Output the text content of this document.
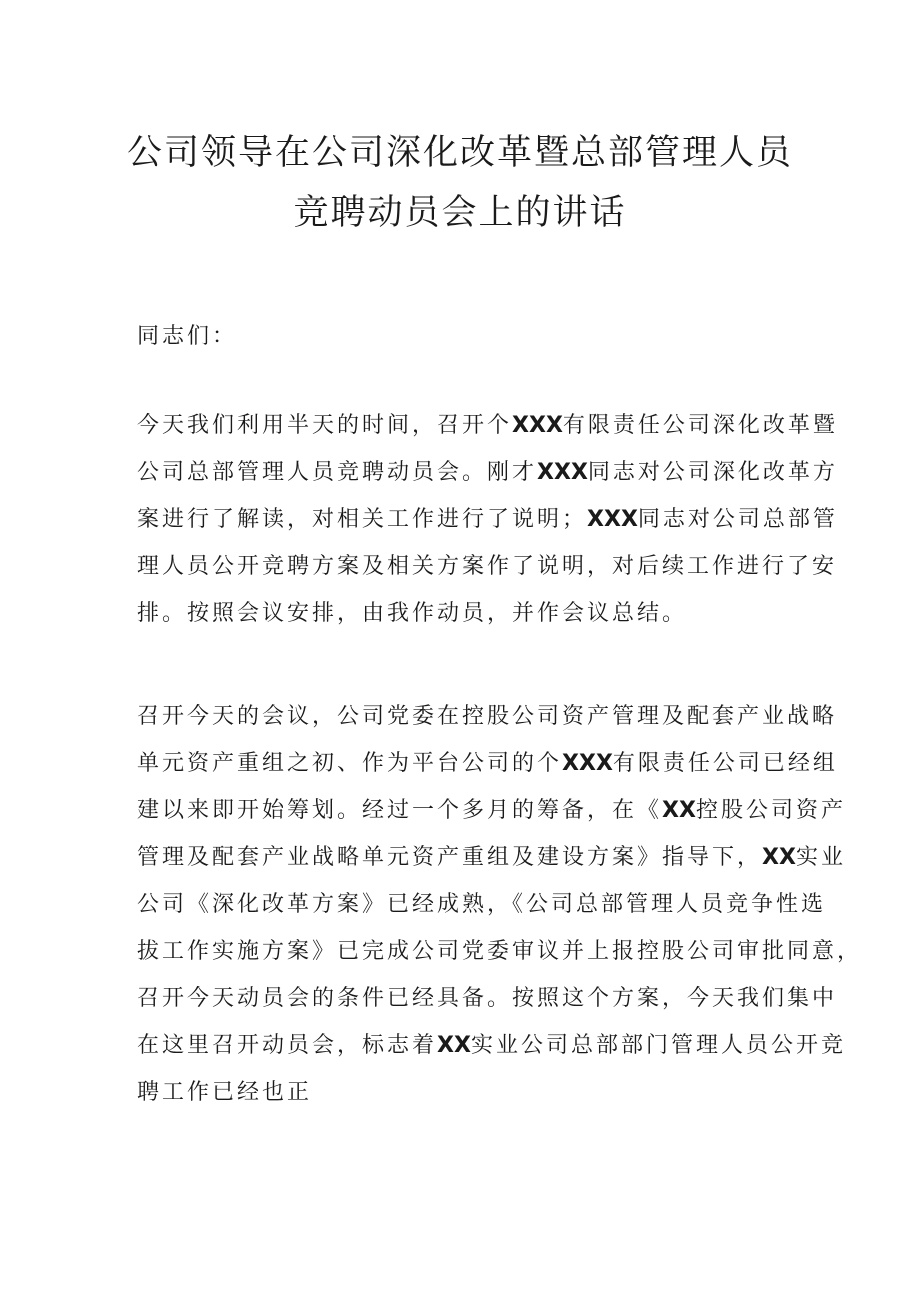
公司领导在公司深化改革暨总部管理人员
竞聘动员会上的讲话

同志们：

今天我们利用半天的时间，召开个XXX有限责任公司深化改革暨
公司总部管理人员竞聘动员会。刚才XXX同志对公司深化改革方
案进行了解读，对相关工作进行了说明；XXX同志对公司总部管
理人员公开竞聘方案及相关方案作了说明，对后续工作进行了安
排。按照会议安排，由我作动员，并作会议总结。
召开今天的会议，公司党委在控股公司资产管理及配套产业战略
单元资产重组之初、作为平台公司的个XXX有限责任公司已经组
建以来即开始筹划。经过一个多月的筹备，在《XX控股公司资产
管理及配套产业战略单元资产重组及建设方案》指导下，XX实业
公司《深化改革方案》已经成熟，《公司总部管理人员竞争性选
拔工作实施方案》已完成公司党委审议并上报控股公司审批同意，
召开今天动员会的条件已经具备。按照这个方案，今天我们集中
在这里召开动员会，标志着XX实业公司总部部门管理人员公开竞
聘工作已经也正
